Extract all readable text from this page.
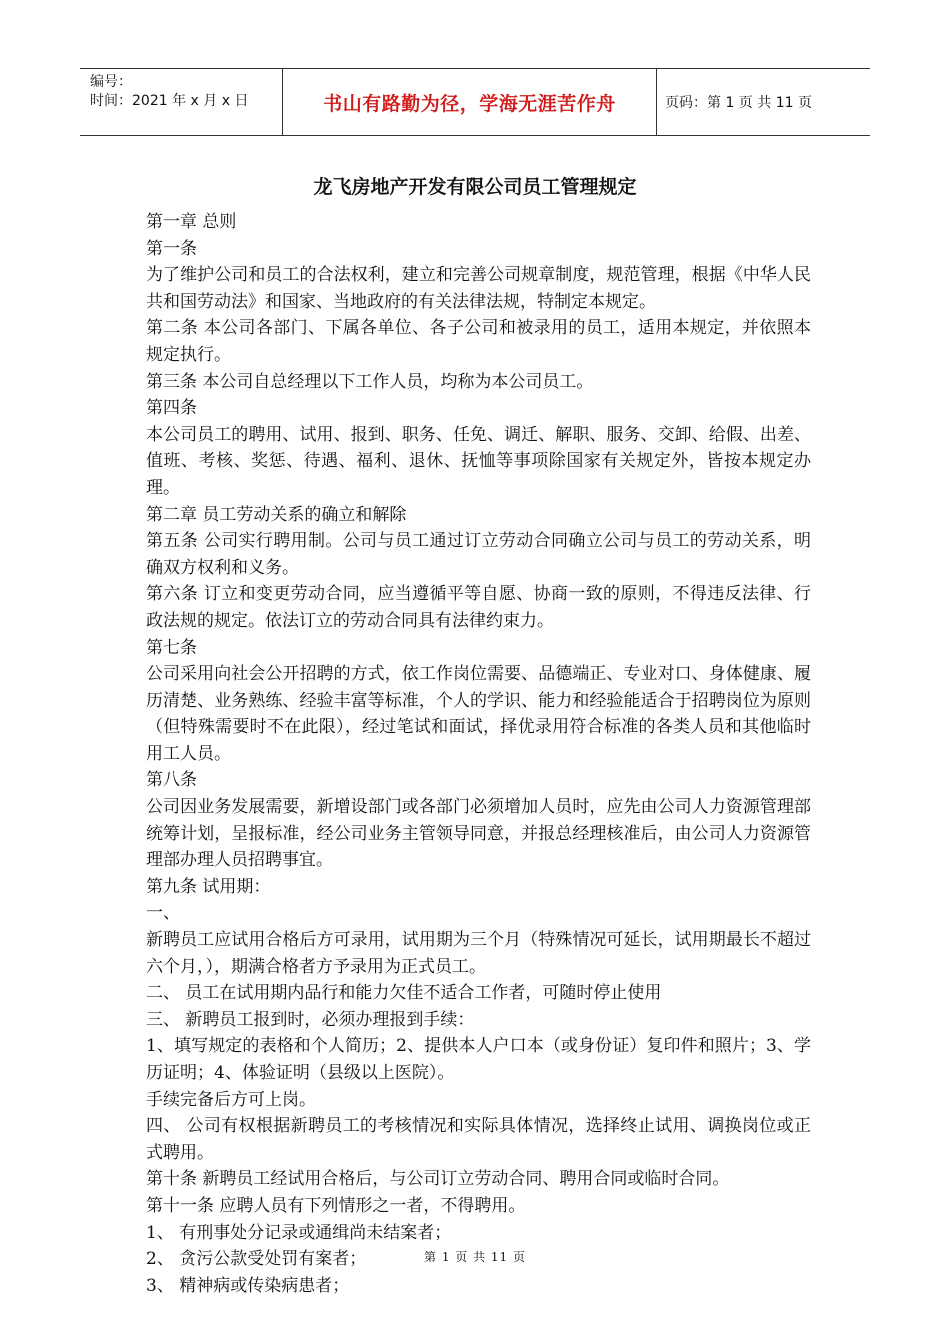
编号：
时间：2021 年 x 月 x 日	书山有路勤为径，学海无涯苦作舟	页码：第 1 页 共 11 页
龙飞房地产开发有限公司员工管理规定

第一章 总则

第一条

为了维护公司和员工的合法权利，建立和完善公司规章制度，规范管理，根据《中华人民共和国劳动法》和国家、当地政府的有关法律法规，特制定本规定。

第二条 本公司各部门、下属各单位、各子公司和被录用的员工，适用本规定，并依照本规定执行。

第三条 本公司自总经理以下工作人员，均称为本公司员工。

第四条

本公司员工的聘用、试用、报到、职务、任免、调迁、解职、服务、交卸、给假、出差、值班、考核、奖惩、待遇、福利、退休、抚恤等事项除国家有关规定外，皆按本规定办理。

第二章 员工劳动关系的确立和解除

第五条 公司实行聘用制。公司与员工通过订立劳动合同确立公司与员工的劳动关系，明确双方权利和义务。

第六条 订立和变更劳动合同，应当遵循平等自愿、协商一致的原则，不得违反法律、行政法规的规定。依法订立的劳动合同具有法律约束力。

第七条

公司采用向社会公开招聘的方式，依工作岗位需要、品德端正、专业对口、身体健康、履历清楚、业务熟练、经验丰富等标准，个人的学识、能力和经验能适合于招聘岗位为原则（但特殊需要时不在此限），经过笔试和面试，择优录用符合标准的各类人员和其他临时用工人员。

第八条

公司因业务发展需要，新增设部门或各部门必须增加人员时，应先由公司人力资源管理部统筹计划，呈报标准，经公司业务主管领导同意，并报总经理核准后，由公司人力资源管理部办理人员招聘事宜。

第九条 试用期：

一、

新聘员工应试用合格后方可录用，试用期为三个月（特殊情况可延长，试用期最长不超过六个月，），期满合格者方予录用为正式员工。

二、 员工在试用期内品行和能力欠佳不适合工作者，可随时停止使用

三、 新聘员工报到时，必须办理报到手续：

1、填写规定的表格和个人简历；2、提供本人户口本（或身份证）复印件和照片；3、学历证明；4、体验证明（县级以上医院）。

手续完备后方可上岗。

四、 公司有权根据新聘员工的考核情况和实际具体情况，选择终止试用、调换岗位或正式聘用。

第十条 新聘员工经试用合格后，与公司订立劳动合同、聘用合同或临时合同。

第十一条 应聘人员有下列情形之一者，不得聘用。

1、 有刑事处分记录或通缉尚未结案者；

2、 贪污公款受处罚有案者；

3、 精神病或传染病患者；

第 1 页 共 11 页
